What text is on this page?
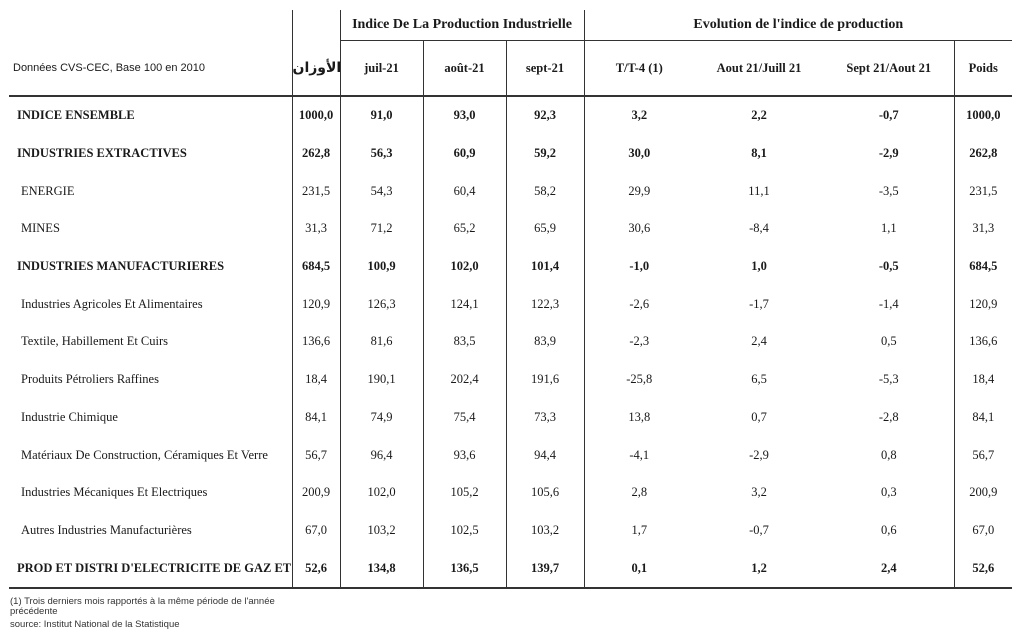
		Indice De La Production Industrielle			Evolution de l'indice de production			
Données CVS-CEC, Base 100 en 2010	الأوزان	juil-21	août-21	sept-21	T/T-4 (1)	Aout 21/Juill 21	Sept 21/Aout 21	Poids
INDICE ENSEMBLE	1000,0	91,0	93,0	92,3	3,2	2,2	-0,7	1000,0
INDUSTRIES EXTRACTIVES	262,8	56,3	60,9	59,2	30,0	8,1	-2,9	262,8
ENERGIE	231,5	54,3	60,4	58,2	29,9	11,1	-3,5	231,5
MINES	31,3	71,2	65,2	65,9	30,6	-8,4	1,1	31,3
INDUSTRIES MANUFACTURIERES	684,5	100,9	102,0	101,4	-1,0	1,0	-0,5	684,5
Industries Agricoles Et Alimentaires	120,9	126,3	124,1	122,3	-2,6	-1,7	-1,4	120,9
Textile, Habillement Et Cuirs	136,6	81,6	83,5	83,9	-2,3	2,4	0,5	136,6
Produits Pétroliers Raffines	18,4	190,1	202,4	191,6	-25,8	6,5	-5,3	18,4
Industrie Chimique	84,1	74,9	75,4	73,3	13,8	0,7	-2,8	84,1
Matériaux De Construction, Céramiques Et Verre	56,7	96,4	93,6	94,4	-4,1	-2,9	0,8	56,7
Industries Mécaniques Et Electriques	200,9	102,0	105,2	105,6	2,8	3,2	0,3	200,9
Autres Industries Manufacturières	67,0	103,2	102,5	103,2	1,7	-0,7	0,6	67,0
PROD ET DISTRI D'ELECTRICITE DE GAZ ET	52,6	134,8	136,5	139,7	0,1	1,2	2,4	52,6
(1) Trois derniers mois rapportés à la même période de l'année précédente
source: Institut National de la Statistique
